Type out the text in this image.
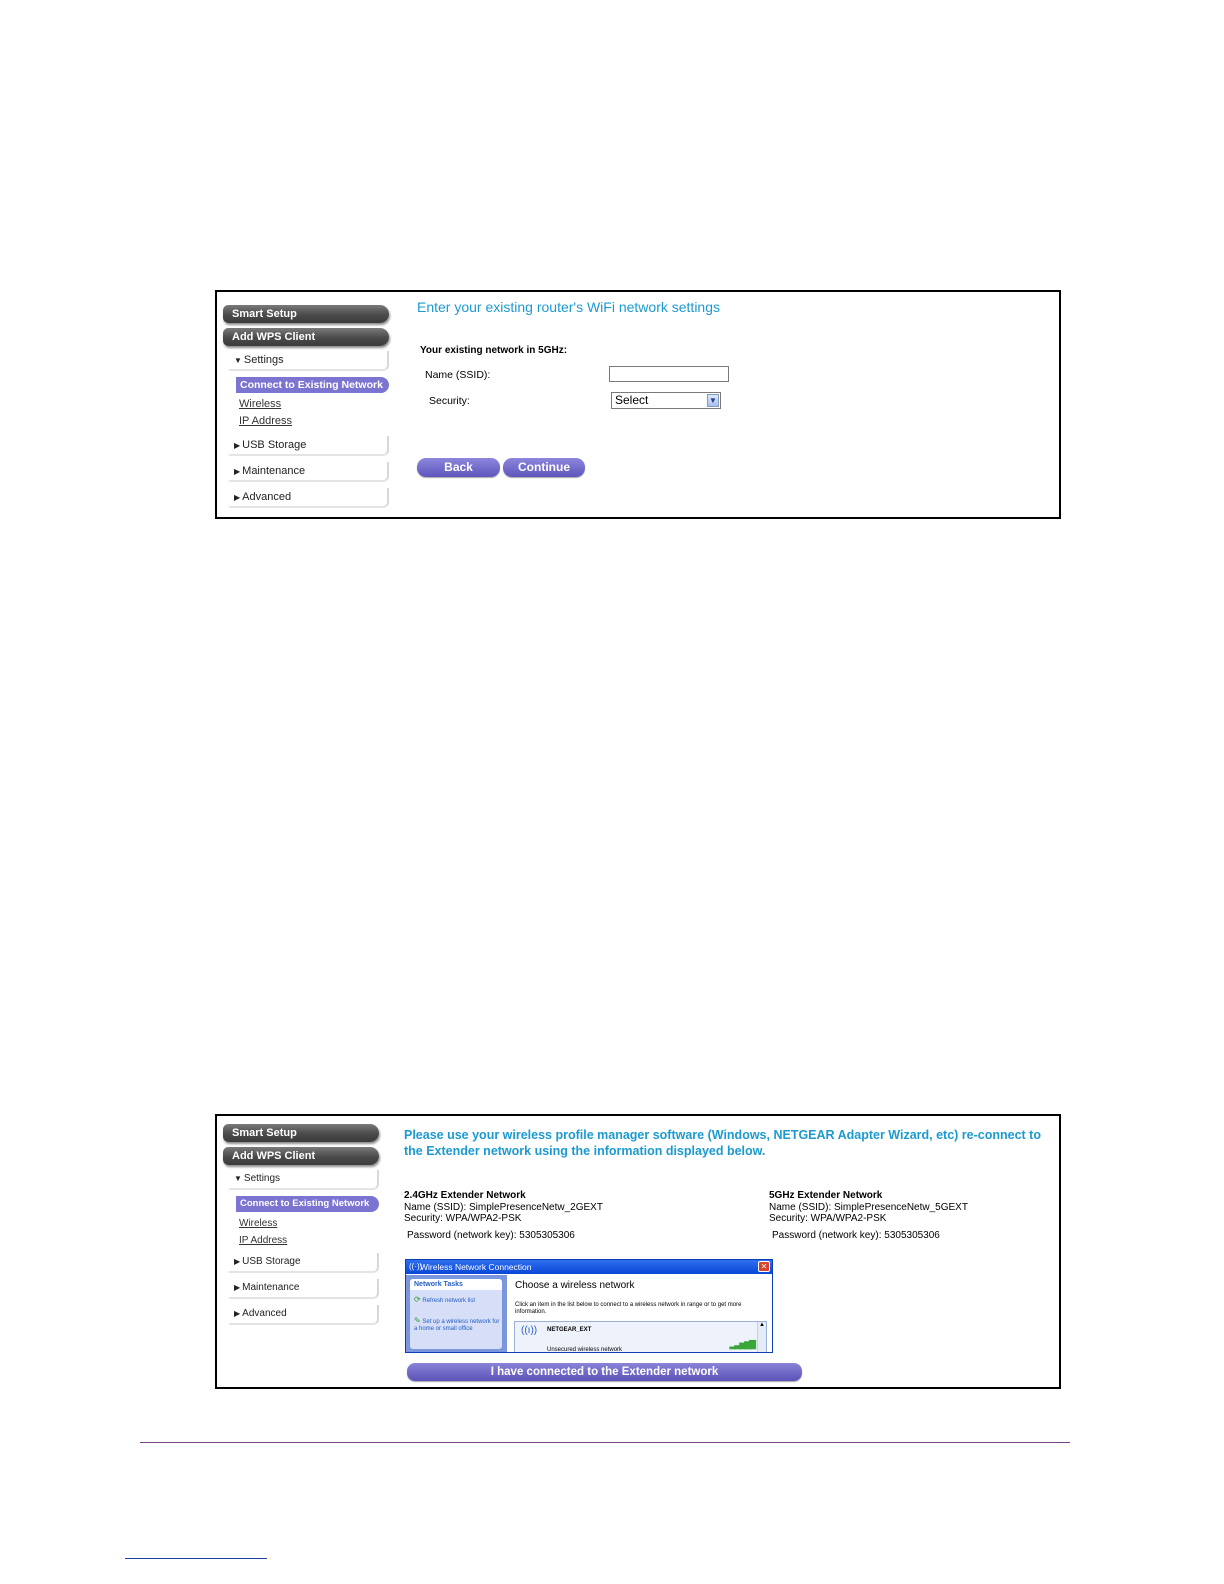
Smart Setup
Add WPS Client
▼ Settings
Connect to Existing Network
Wireless
IP Address
▶ USB Storage
▶ Maintenance
▶ Advanced
Enter your existing router's WiFi network settings
Your existing network in 5GHz:
Name (SSID):
Security:	Select	▼
Back	Continue
Smart Setup
Add WPS Client
▼ Settings
Connect to Existing Network
Wireless
IP Address
▶ USB Storage
▶ Maintenance
▶ Advanced
Please use your wireless profile manager software (Windows, NETGEAR Adapter Wizard, etc) re-connect to the Extender network using the information displayed below.
2.4GHz Extender Network
Name (SSID): SimplePresenceNetw_2GEXT
Security: WPA/WPA2-PSK
Password (network key): 5305305306
5GHz Extender Network
Name (SSID): SimplePresenceNetw_5GEXT
Security: WPA/WPA2-PSK
Password (network key): 5305305306
((·))
Wireless Network Connection	✕
Network Tasks
⟳ Refresh network list
✎ Set up a wireless network for a home or small office
Choose a wireless network
Click an item in the list below to connect to a wireless network in range or to get more information.
((ı)) NETGEAR_EXT
Unsecured wireless network
▂▃▅▆▇
▲
I have connected to the Extender network
